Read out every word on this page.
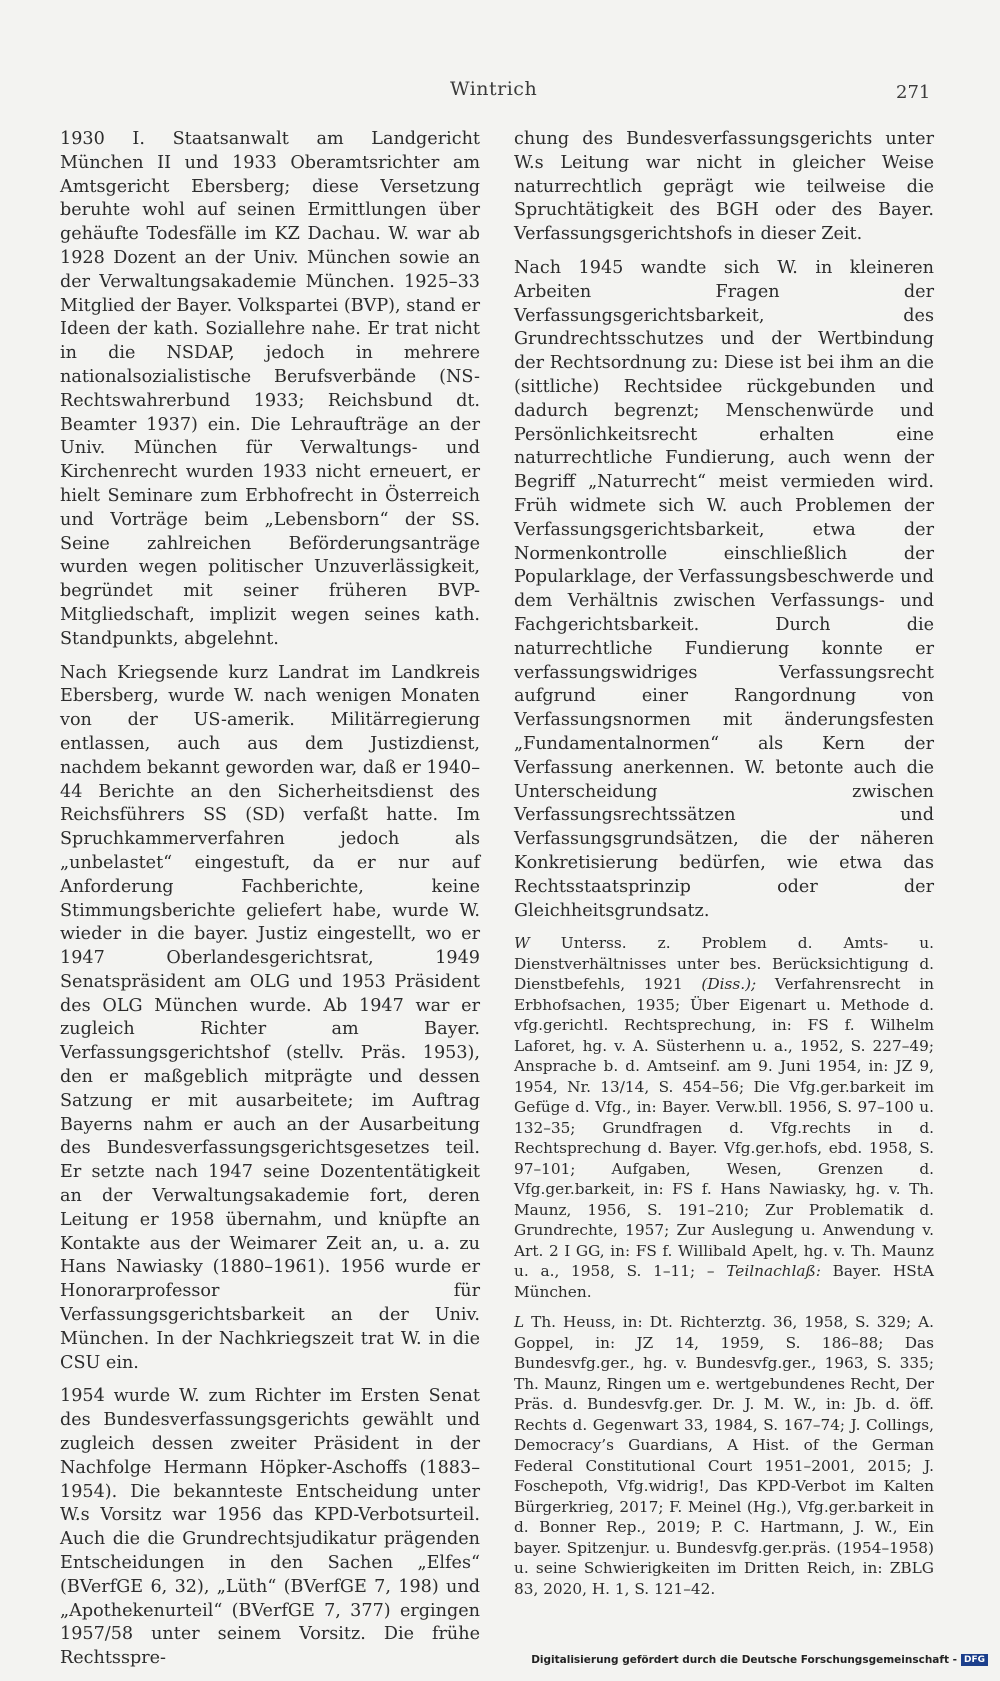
Wintrich	271

1930 I. Staatsanwalt am Landgericht München II und 1933 Oberamtsrichter am Amtsgericht Ebersberg; diese Versetzung beruhte wohl auf seinen Ermittlungen über gehäufte Todesfälle im KZ Dachau. W. war ab 1928 Dozent an der Univ. München sowie an der Verwaltungsakademie München. 1925–33 Mitglied der Bayer. Volkspartei (BVP), stand er Ideen der kath. Soziallehre nahe. Er trat nicht in die NSDAP, jedoch in mehrere nationalsozialistische Berufsverbände (NS-Rechtswahrerbund 1933; Reichsbund dt. Beamter 1937) ein. Die Lehraufträge an der Univ. München für Verwaltungs- und Kirchenrecht wurden 1933 nicht erneuert, er hielt Seminare zum Erbhofrecht in Österreich und Vorträge beim „Lebensborn“ der SS. Seine zahlreichen Beförderungsanträge wurden wegen politischer Unzuverlässigkeit, begründet mit seiner früheren BVP-Mitgliedschaft, implizit wegen seines kath. Standpunkts, abgelehnt.

Nach Kriegsende kurz Landrat im Landkreis Ebersberg, wurde W. nach wenigen Monaten von der US-amerik. Militärregierung entlassen, auch aus dem Justizdienst, nachdem bekannt geworden war, daß er 1940–44 Berichte an den Sicherheitsdienst des Reichsführers SS (SD) verfaßt hatte. Im Spruchkammerverfahren jedoch als „unbelastet“ eingestuft, da er nur auf Anforderung Fachberichte, keine Stimmungsberichte geliefert habe, wurde W. wieder in die bayer. Justiz eingestellt, wo er 1947 Oberlandesgerichtsrat, 1949 Senatspräsident am OLG und 1953 Präsident des OLG München wurde. Ab 1947 war er zugleich Richter am Bayer. Verfassungsgerichtshof (stellv. Präs. 1953), den er maßgeblich mitprägte und dessen Satzung er mit ausarbeitete; im Auftrag Bayerns nahm er auch an der Ausarbeitung des Bundesverfassungsgerichtsgesetzes teil. Er setzte nach 1947 seine Dozententätigkeit an der Verwaltungsakademie fort, deren Leitung er 1958 übernahm, und knüpfte an Kontakte aus der Weimarer Zeit an, u. a. zu Hans Nawiasky (1880–1961). 1956 wurde er Honorarprofessor für Verfassungsgerichtsbarkeit an der Univ. München. In der Nachkriegszeit trat W. in die CSU ein.

1954 wurde W. zum Richter im Ersten Senat des Bundesverfassungsgerichts gewählt und zugleich dessen zweiter Präsident in der Nachfolge Hermann Höpker-Aschoffs (1883–1954). Die bekannteste Entscheidung unter W.s Vorsitz war 1956 das KPD-Verbotsurteil. Auch die die Grundrechtsjudikatur prägenden Entscheidungen in den Sachen „Elfes“ (BVerfGE 6, 32), „Lüth“ (BVerfGE 7, 198) und „Apothekenurteil“ (BVerfGE 7, 377) ergingen 1957/58 unter seinem Vorsitz. Die frühe Rechtsspre-

chung des Bundesverfassungsgerichts unter W.s Leitung war nicht in gleicher Weise naturrechtlich geprägt wie teilweise die Spruchtätigkeit des BGH oder des Bayer. Verfassungsgerichtshofs in dieser Zeit.

Nach 1945 wandte sich W. in kleineren Arbeiten Fragen der Verfassungsgerichtsbarkeit, des Grundrechtsschutzes und der Wertbindung der Rechtsordnung zu: Diese ist bei ihm an die (sittliche) Rechtsidee rückgebunden und dadurch begrenzt; Menschenwürde und Persönlichkeitsrecht erhalten eine naturrechtliche Fundierung, auch wenn der Begriff „Naturrecht“ meist vermieden wird. Früh widmete sich W. auch Problemen der Verfassungsgerichtsbarkeit, etwa der Normenkontrolle einschließlich der Popularklage, der Verfassungsbeschwerde und dem Verhältnis zwischen Verfassungs- und Fachgerichtsbarkeit. Durch die naturrechtliche Fundierung konnte er verfassungswidriges Verfassungsrecht aufgrund einer Rangordnung von Verfassungsnormen mit änderungsfesten „Fundamentalnormen“ als Kern der Verfassung anerkennen. W. betonte auch die Unterscheidung zwischen Verfassungsrechtssätzen und Verfassungsgrundsätzen, die der näheren Konkretisierung bedürfen, wie etwa das Rechtsstaatsprinzip oder der Gleichheitsgrundsatz.

W Unterss. z. Problem d. Amts- u. Dienstverhältnisses unter bes. Berücksichtigung d. Dienstbefehls, 1921 (Diss.); Verfahrensrecht in Erbhofsachen, 1935; Über Eigenart u. Methode d. vfg.gerichtl. Rechtsprechung, in: FS f. Wilhelm Laforet, hg. v. A. Süsterhenn u. a., 1952, S. 227–49; Ansprache b. d. Amtseinf. am 9. Juni 1954, in: JZ 9, 1954, Nr. 13/14, S. 454–56; Die Vfg.ger.barkeit im Gefüge d. Vfg., in: Bayer. Verw.bll. 1956, S. 97–100 u. 132–35; Grundfragen d. Vfg.rechts in d. Rechtsprechung d. Bayer. Vfg.ger.hofs, ebd. 1958, S. 97–101; Aufgaben, Wesen, Grenzen d. Vfg.ger.barkeit, in: FS f. Hans Nawiasky, hg. v. Th. Maunz, 1956, S. 191–210; Zur Problematik d. Grundrechte, 1957; Zur Auslegung u. Anwendung v. Art. 2 I GG, in: FS f. Willibald Apelt, hg. v. Th. Maunz u. a., 1958, S. 1–11; – Teilnachlaß: Bayer. HStA München.

L Th. Heuss, in: Dt. Richterztg. 36, 1958, S. 329; A. Goppel, in: JZ 14, 1959, S. 186–88; Das Bundesvfg.ger., hg. v. Bundesvfg.ger., 1963, S. 335; Th. Maunz, Ringen um e. wertgebundenes Recht, Der Präs. d. Bundesvfg.ger. Dr. J. M. W., in: Jb. d. öff. Rechts d. Gegenwart 33, 1984, S. 167–74; J. Collings, Democracy’s Guardians, A Hist. of the German Federal Constitutional Court 1951–2001, 2015; J. Foschepoth, Vfg.widrig!, Das KPD-Verbot im Kalten Bürgerkrieg, 2017; F. Meinel (Hg.), Vfg.ger.barkeit in d. Bonner Rep., 2019; P. C. Hartmann, J. W., Ein bayer. Spitzenjur. u. Bundesvfg.ger.präs. (1954–1958) u. seine Schwierigkeiten im Dritten Reich, in: ZBLG 83, 2020, H. 1, S. 121–42.

Digitalisierung gefördert durch die Deutsche Forschungsgemeinschaft - DFG
